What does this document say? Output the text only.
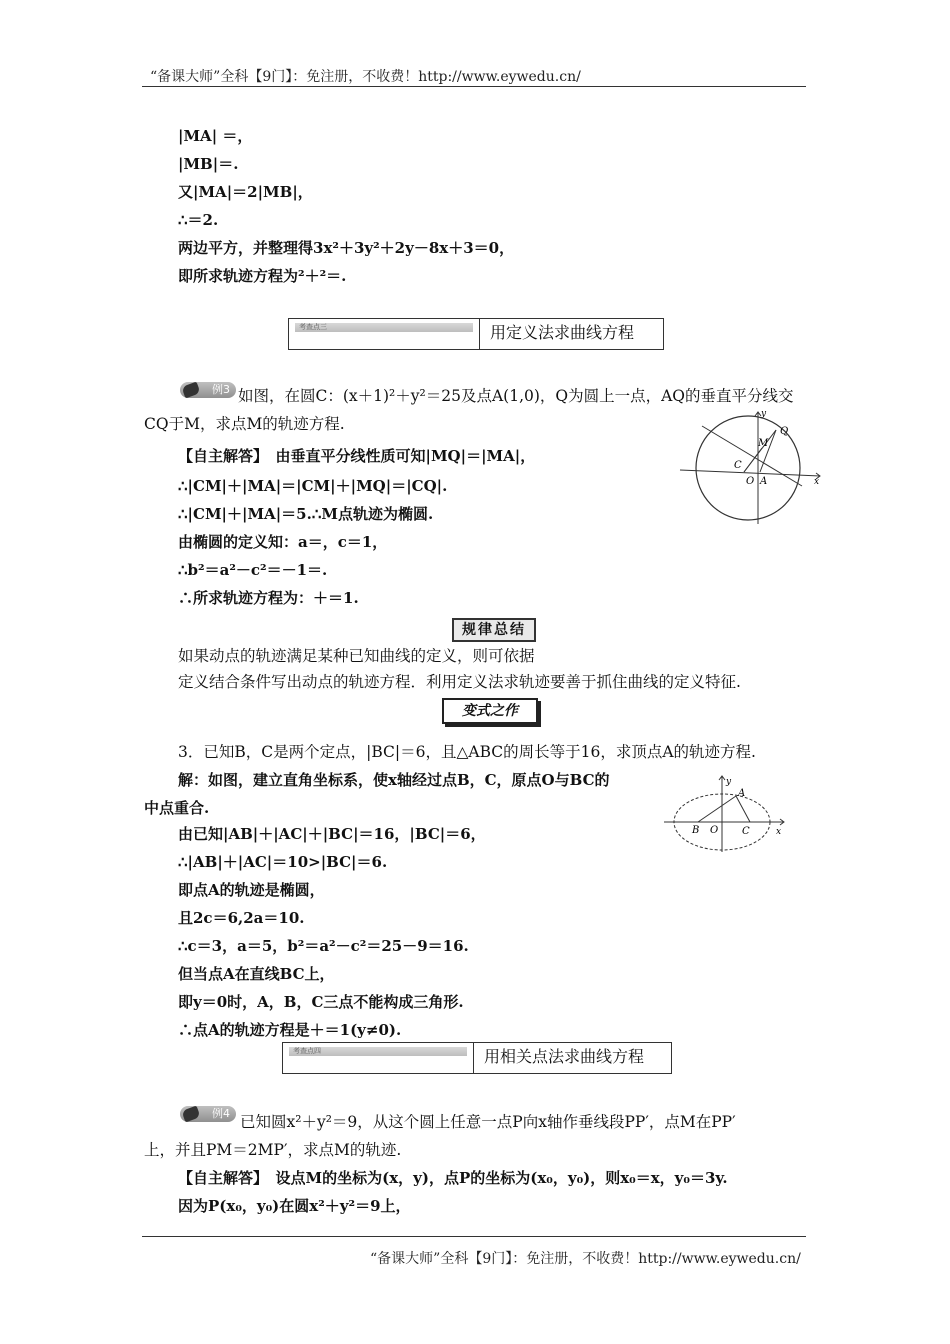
“备课大师”全科【9门】：免注册，不收费！http://www.eywedu.cn/
|MA| ＝，
|MB|＝.
又|MA|＝2|MB|，
∴＝2.
两边平方，并整理得3x²＋3y²＋2y－8x＋3＝0，
即所求轨迹方程为²＋²＝.
考查点三	用定义法求曲线方程
例3 如图，在圆C：(x＋1)²＋y²＝25及点A(1,0)，Q为圆上一点，AQ的垂直平分线交
CQ于M，求点M的轨迹方程.
【自主解答】　由垂直平分线性质可知|MQ|＝|MA|，
∴|CM|＋|MA|＝|CM|＋|MQ|＝|CQ|.
∴|CM|＋|MA|＝5.∴M点轨迹为椭圆.
由椭圆的定义知：a＝，c＝1，
∴b²＝a²－c²＝－1＝.
∴所求轨迹方程为：＋＝1.
y
x
M
Q
C
O A
规律总结
如果动点的轨迹满足某种已知曲线的定义，则可依据
定义结合条件写出动点的轨迹方程．利用定义法求轨迹要善于抓住曲线的定义特征.
变式之作
3．已知B，C是两个定点，|BC|＝6，且△ABC的周长等于16，求顶点A的轨迹方程.
解：如图，建立直角坐标系，使x轴经过点B，C，原点O与BC的
中点重合.
由已知|AB|＋|AC|＋|BC|＝16，|BC|＝6，
∴|AB|＋|AC|＝10>|BC|＝6.
即点A的轨迹是椭圆，
且2c＝6,2a＝10.
∴c＝3，a＝5，b²＝a²－c²＝25－9＝16.
但当点A在直线BC上，
即y＝0时，A，B，C三点不能构成三角形.
∴点A的轨迹方程是＋＝1(y≠0).
y
x
A
B O C
考查点四	用相关点法求曲线方程
例4 已知圆x²＋y²＝9，从这个圆上任意一点P向x轴作垂线段PP′，点M在PP′
上，并且PM＝2MP′，求点M的轨迹.
【自主解答】　设点M的坐标为(x，y)，点P的坐标为(x₀，y₀)，则x₀＝x，y₀＝3y.
因为P(x₀，y₀)在圆x²＋y²＝9上，
“备课大师”全科【9门】：免注册，不收费！http://www.eywedu.cn/
